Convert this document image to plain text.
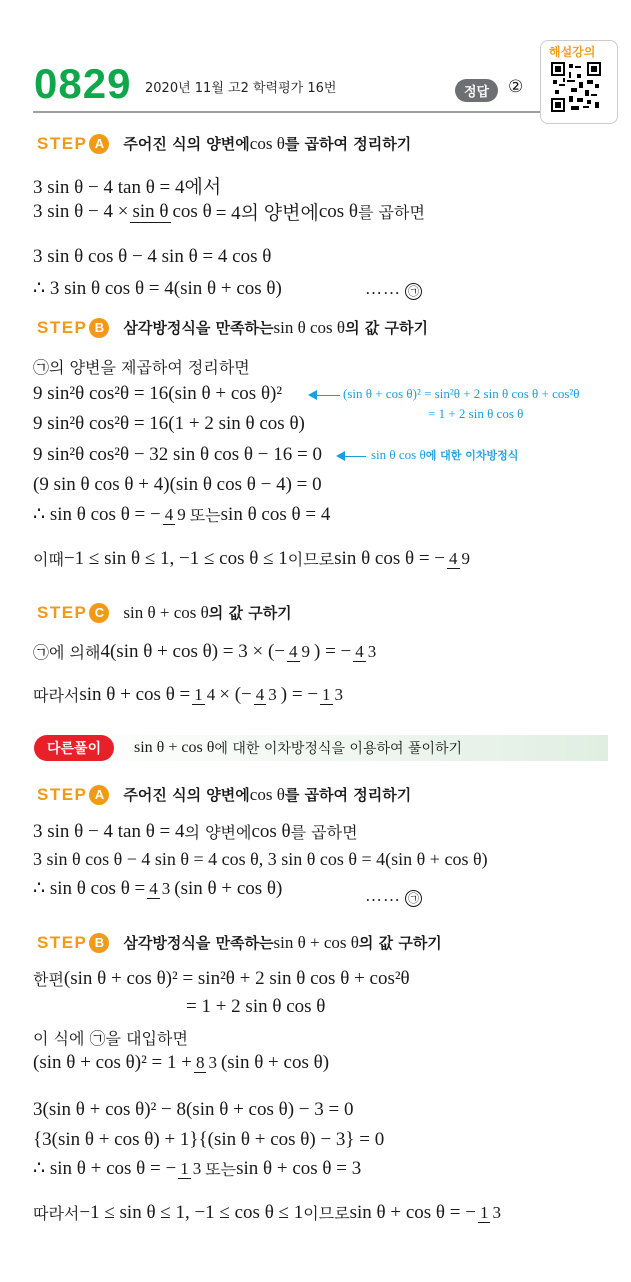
0829 2020년 11월 고2 학력평가 16번	정답	②
해설강의
STEP A	주어진 식의 양변에 cos θ 를 곱하여 정리하기
3 sin θ − 4 tan θ = 4에서
3 sin θ − 4 × sin θ cos θ = 4의 양변에 cos θ 를 곱하면
3 sin θ cos θ − 4 sin θ = 4 cos θ
∴ 3 sin θ cos θ = 4(sin θ + cos θ)	…… ㉠
STEP B	삼각방정식을 만족하는 sin θ cos θ 의 값 구하기
㉠의 양변을 제곱하여 정리하면
9 sin²θ cos²θ = 16(sin θ + cos θ)²	(sin θ + cos θ)² = sin²θ + 2 sin θ cos θ + cos²θ
= 1 + 2 sin θ cos θ
9 sin²θ cos²θ = 16(1 + 2 sin θ cos θ)
9 sin²θ cos²θ − 32 sin θ cos θ − 16 = 0	sin θ cos θ 에 대한 이차방정식
(9 sin θ cos θ + 4)(sin θ cos θ − 4) = 0
∴ sin θ cos θ = − 4 9 또는 sin θ cos θ = 4
이때 −1 ≤ sin θ ≤ 1, −1 ≤ cos θ ≤ 1 이므로 sin θ cos θ = − 4 9
STEP C	sin θ + cos θ 의 값 구하기
㉠에 의해 4(sin θ + cos θ) = 3 × (− 4 9 ) = − 4 3
따라서 sin θ + cos θ = 1 4 × (− 4 3 ) = − 1 3
다른풀이	sin θ + cos θ 에 대한 이차방정식을 이용하여 풀이하기
STEP A	주어진 식의 양변에 cos θ 를 곱하여 정리하기
3 sin θ − 4 tan θ = 4 의 양변에 cos θ 를 곱하면
3 sin θ cos θ − 4 sin θ = 4 cos θ, 3 sin θ cos θ = 4(sin θ + cos θ)
∴ sin θ cos θ = 4 3 (sin θ + cos θ)	…… ㉠
STEP B	삼각방정식을 만족하는 sin θ + cos θ 의 값 구하기
한편 (sin θ + cos θ)² = sin²θ + 2 sin θ cos θ + cos²θ
= 1 + 2 sin θ cos θ
이 식에 ㉠을 대입하면
(sin θ + cos θ)² = 1 + 8 3 (sin θ + cos θ)
3(sin θ + cos θ)² − 8(sin θ + cos θ) − 3 = 0
{3(sin θ + cos θ) + 1}{(sin θ + cos θ) − 3} = 0
∴ sin θ + cos θ = − 1 3 또는 sin θ + cos θ = 3
따라서 −1 ≤ sin θ ≤ 1, −1 ≤ cos θ ≤ 1 이므로 sin θ + cos θ = − 1 3
